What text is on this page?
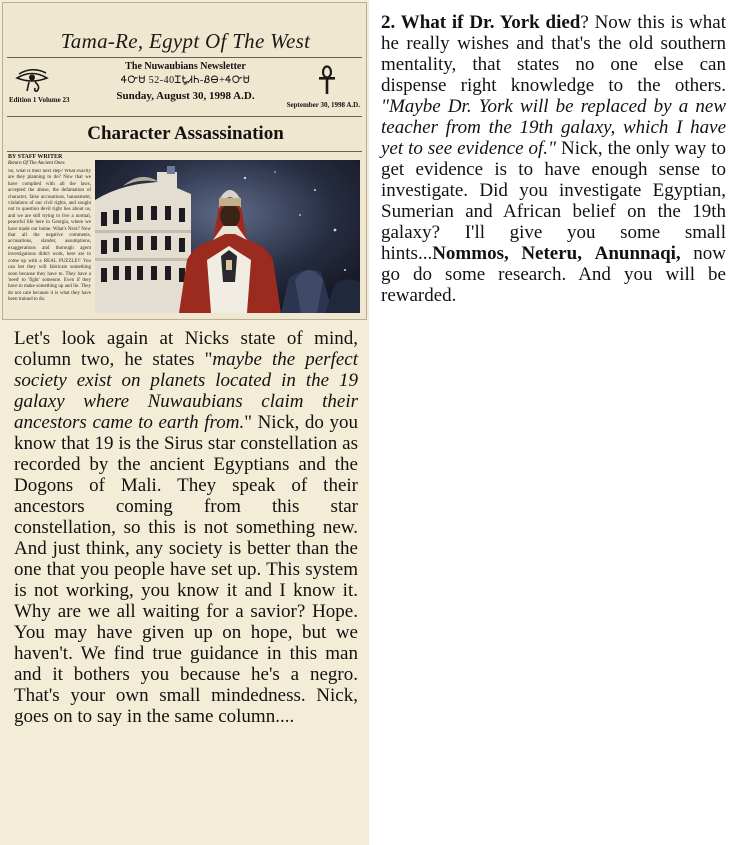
Tama-Re, Egypt Of The West
The Nuwaubians Newsletter
ᏎᏅᏌ 52-40ᏆᎿᏗᏂ-ᏰᎾ+ᏎᏅᏌ
Sunday, August 30, 1998 A.D.
Edition 1 Volume 23
September 30, 1998 A.D.
Character Assassination
BY STAFF WRITER
Return Of The Ancient Ones
So, what is their next step? What exactly are they planning to do? Now that we have complied with all the laws, accepted the abuse, the defamation of character, false accusations, harassment, violations of our civil rights, and sought out to question devil right lies about us, and we are still trying to live a normal, peaceful life here in Georgia, where we have made our home. What's Next? Now that all the negative comments, accusations, slander, assumptions, exaggerations and thorough agent investigations didn't work, here are to come up with a REAL PUZZLE!! You can bet they will fabricate something soon because they have to. They have a 'need' to 'fight' someone. Even if they have to make something up and lie. They do not care because it is what they have been trained to do.
Let's look again at Nicks state of mind, column two, he states "maybe the perfect society exist on planets located in the 19 galaxy where Nuwaubians claim their ancestors came to earth from." Nick, do you know that 19 is the Sirus star constellation as recorded by the ancient Egyptians and the Dogons of Mali. They speak of their ancestors coming from this star constellation, so this is not something new. And just think, any society is better than the one that you people have set up. This system is not working, you know it and I know it. Why are we all waiting for a savior? Hope. You may have given up on hope, but we haven't. We find true guidance in this man and it bothers you because he's a negro. That's your own small mindedness. Nick, goes on to say in the same column....
2. What if Dr. York died? Now this is what he really wishes and that's the old southern mentality, that states no one else can dispense right knowledge to the others. "Maybe Dr. York will be replaced by a new teacher from the 19th galaxy, which I have yet to see evidence of." Nick, the only way to get evidence is to have enough sense to investigate. Did you investigate Egyptian, Sumerian and African belief on the 19th galaxy? I'll give you some small hints...Nommos, Neteru, Anunnaqi, now go do some research. And you will be rewarded.
